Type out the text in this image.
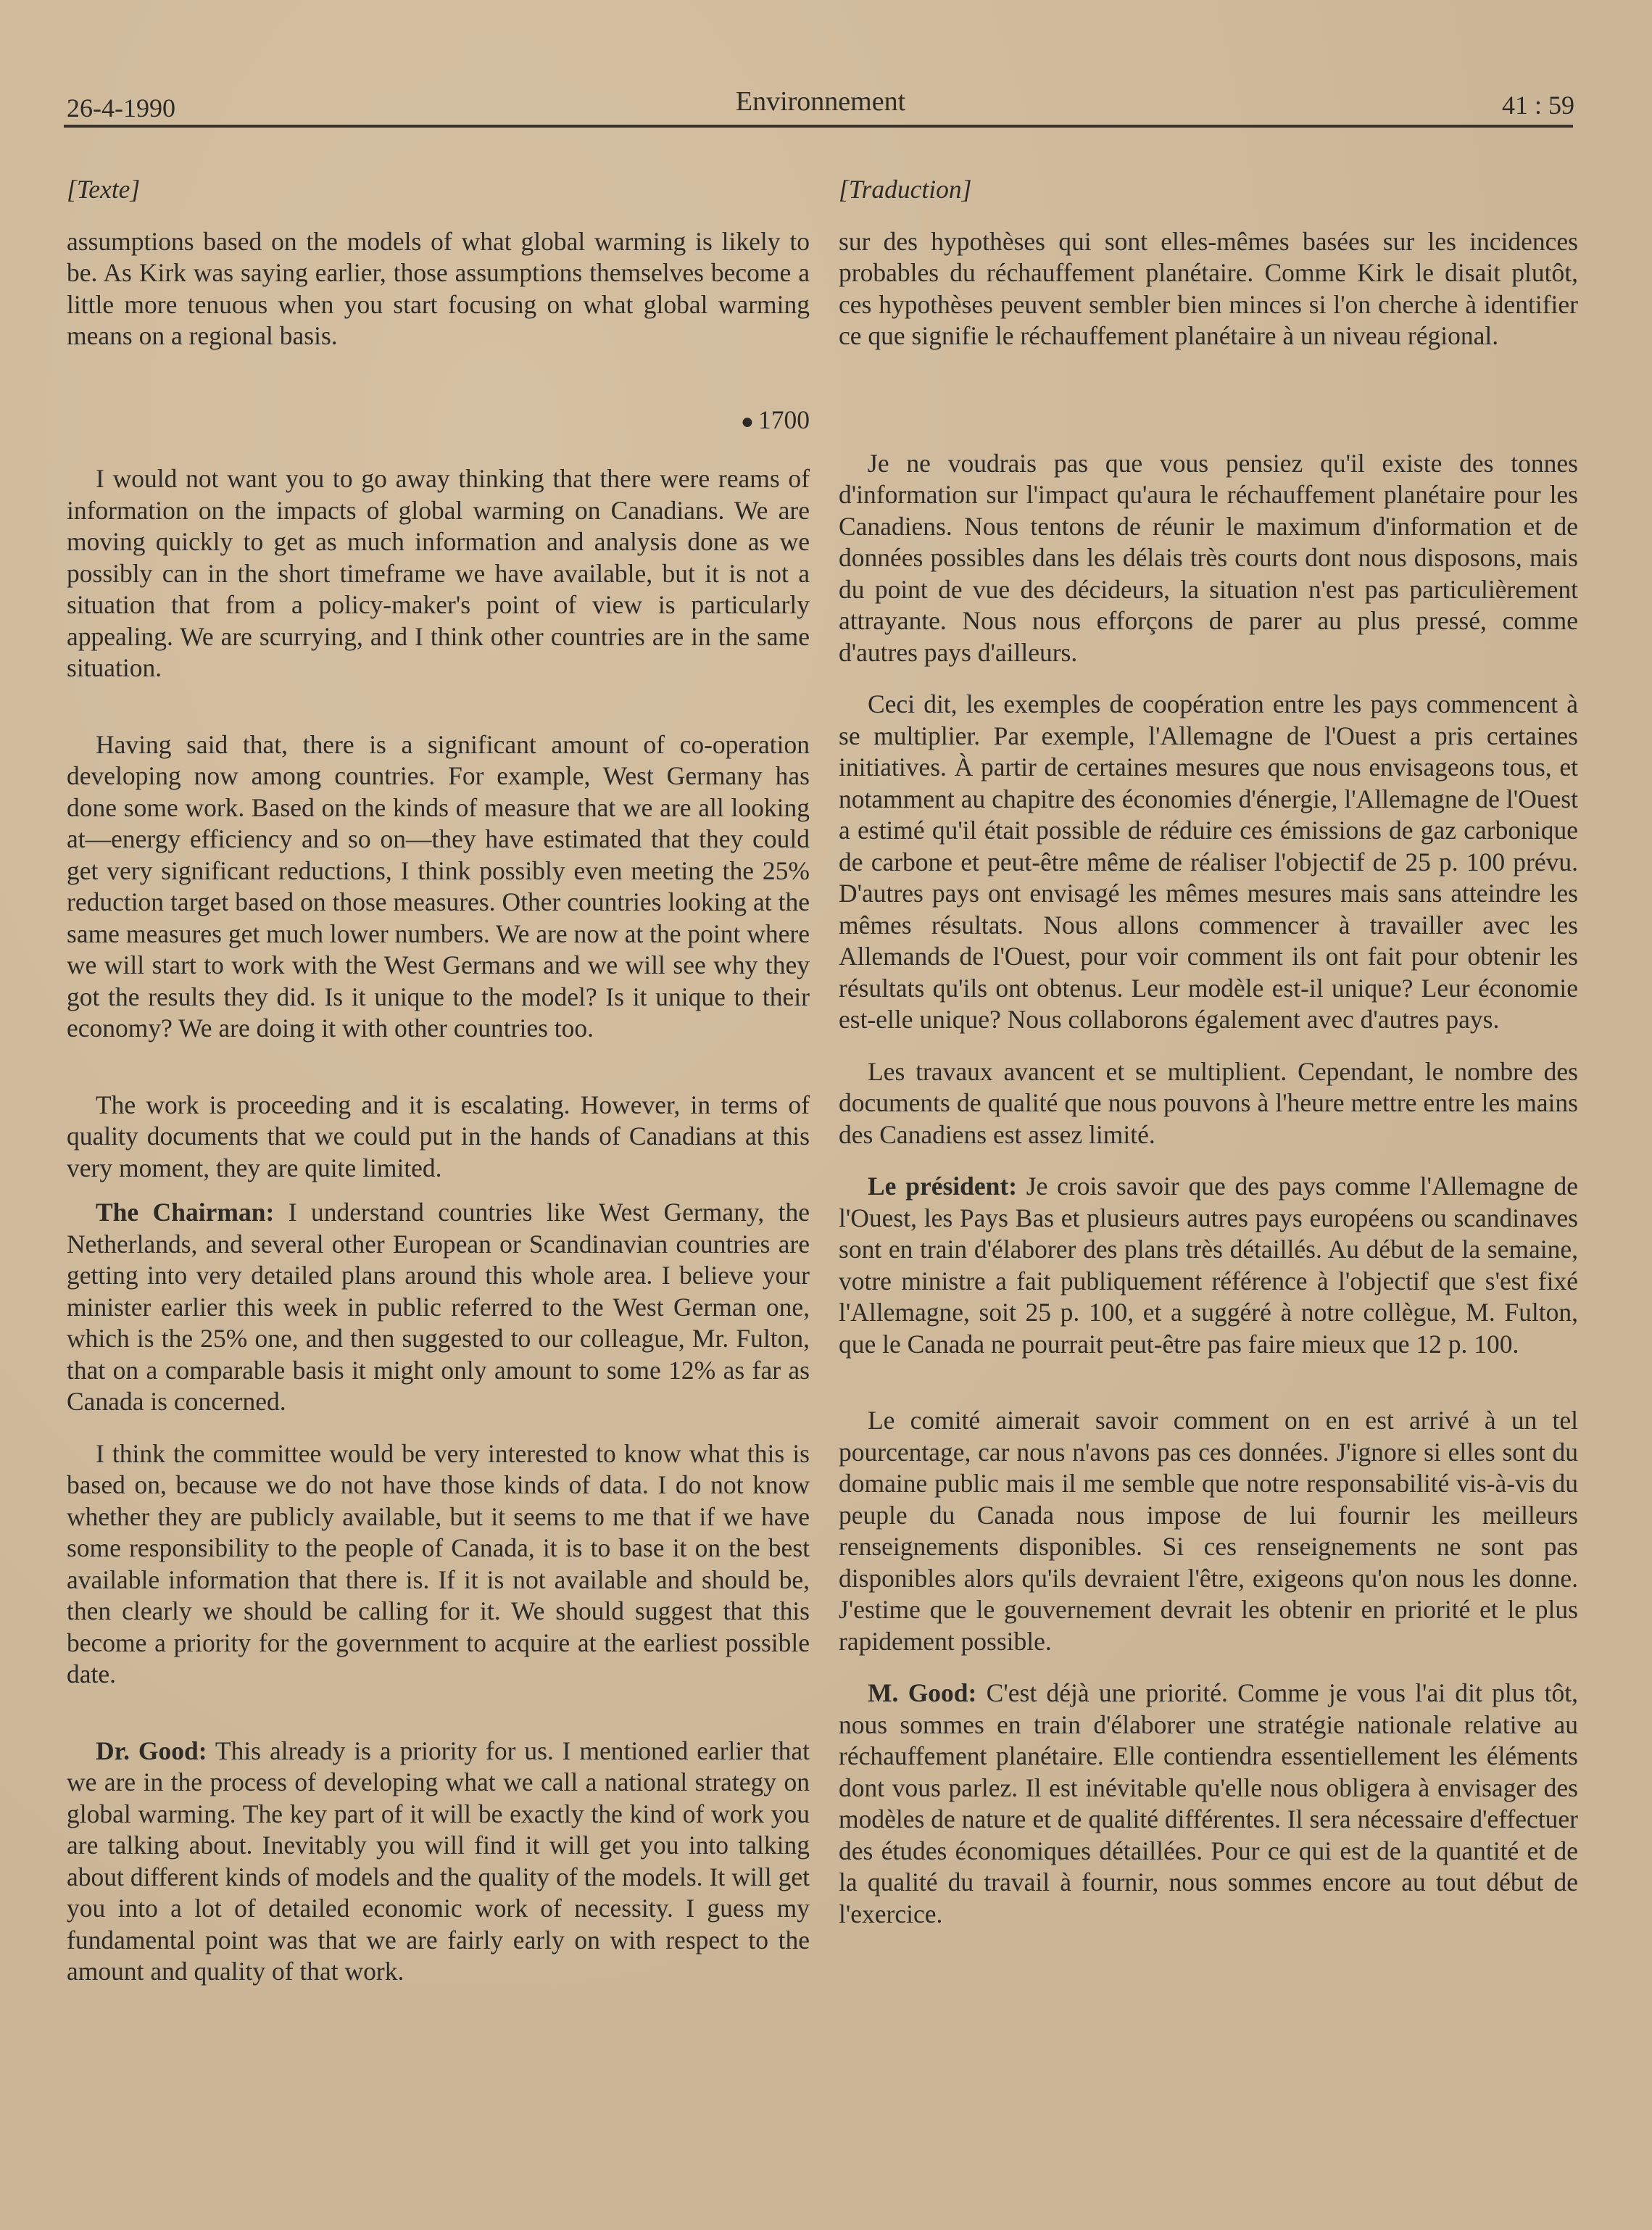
26-4-1990	Environnement	41 : 59
[Texte]

assumptions based on the models of what global warming is likely to be. As Kirk was saying earlier, those assumptions themselves become a little more tenuous when you start focusing on what global warming means on a regional basis.

● 1700

I would not want you to go away thinking that there were reams of information on the impacts of global warming on Canadians. We are moving quickly to get as much information and analysis done as we possibly can in the short timeframe we have available, but it is not a situation that from a policy-maker's point of view is particularly appealing. We are scurrying, and I think other countries are in the same situation.

Having said that, there is a significant amount of co-operation developing now among countries. For example, West Germany has done some work. Based on the kinds of measure that we are all looking at—energy efficiency and so on—they have estimated that they could get very significant reductions, I think possibly even meeting the 25% reduction target based on those measures. Other countries looking at the same measures get much lower numbers. We are now at the point where we will start to work with the West Germans and we will see why they got the results they did. Is it unique to the model? Is it unique to their economy? We are doing it with other countries too.

The work is proceeding and it is escalating. However, in terms of quality documents that we could put in the hands of Canadians at this very moment, they are quite limited.

The Chairman: I understand countries like West Germany, the Netherlands, and several other European or Scandinavian countries are getting into very detailed plans around this whole area. I believe your minister earlier this week in public referred to the West German one, which is the 25% one, and then suggested to our colleague, Mr. Fulton, that on a comparable basis it might only amount to some 12% as far as Canada is concerned.

I think the committee would be very interested to know what this is based on, because we do not have those kinds of data. I do not know whether they are publicly available, but it seems to me that if we have some responsibility to the people of Canada, it is to base it on the best available information that there is. If it is not available and should be, then clearly we should be calling for it. We should suggest that this become a priority for the government to acquire at the earliest possible date.

Dr. Good: This already is a priority for us. I mentioned earlier that we are in the process of developing what we call a national strategy on global warming. The key part of it will be exactly the kind of work you are talking about. Inevitably you will find it will get you into talking about different kinds of models and the quality of the models. It will get you into a lot of detailed economic work of necessity. I guess my fundamental point was that we are fairly early on with respect to the amount and quality of that work.

[Traduction]

sur des hypothèses qui sont elles-mêmes basées sur les incidences probables du réchauffement planétaire. Comme Kirk le disait plutôt, ces hypothèses peuvent sembler bien minces si l'on cherche à identifier ce que signifie le réchauffement planétaire à un niveau régional.

Je ne voudrais pas que vous pensiez qu'il existe des tonnes d'information sur l'impact qu'aura le réchauffement planétaire pour les Canadiens. Nous tentons de réunir le maximum d'information et de données possibles dans les délais très courts dont nous disposons, mais du point de vue des décideurs, la situation n'est pas particulièrement attrayante. Nous nous efforçons de parer au plus pressé, comme d'autres pays d'ailleurs.

Ceci dit, les exemples de coopération entre les pays commencent à se multiplier. Par exemple, l'Allemagne de l'Ouest a pris certaines initiatives. À partir de certaines mesures que nous envisageons tous, et notamment au chapitre des économies d'énergie, l'Allemagne de l'Ouest a estimé qu'il était possible de réduire ces émissions de gaz carbonique de carbone et peut-être même de réaliser l'objectif de 25 p. 100 prévu. D'autres pays ont envisagé les mêmes mesures mais sans atteindre les mêmes résultats. Nous allons commencer à travailler avec les Allemands de l'Ouest, pour voir comment ils ont fait pour obtenir les résultats qu'ils ont obtenus. Leur modèle est-il unique? Leur économie est-elle unique? Nous collaborons également avec d'autres pays.

Les travaux avancent et se multiplient. Cependant, le nombre des documents de qualité que nous pouvons à l'heure mettre entre les mains des Canadiens est assez limité.

Le président: Je crois savoir que des pays comme l'Allemagne de l'Ouest, les Pays Bas et plusieurs autres pays européens ou scandinaves sont en train d'élaborer des plans très détaillés. Au début de la semaine, votre ministre a fait publiquement référence à l'objectif que s'est fixé l'Allemagne, soit 25 p. 100, et a suggéré à notre collègue, M. Fulton, que le Canada ne pourrait peut-être pas faire mieux que 12 p. 100.

Le comité aimerait savoir comment on en est arrivé à un tel pourcentage, car nous n'avons pas ces données. J'ignore si elles sont du domaine public mais il me semble que notre responsabilité vis-à-vis du peuple du Canada nous impose de lui fournir les meilleurs renseignements disponibles. Si ces renseignements ne sont pas disponibles alors qu'ils devraient l'être, exigeons qu'on nous les donne. J'estime que le gouvernement devrait les obtenir en priorité et le plus rapidement possible.

M. Good: C'est déjà une priorité. Comme je vous l'ai dit plus tôt, nous sommes en train d'élaborer une stratégie nationale relative au réchauffement planétaire. Elle contiendra essentiellement les éléments dont vous parlez. Il est inévitable qu'elle nous obligera à envisager des modèles de nature et de qualité différentes. Il sera nécessaire d'effectuer des études économiques détaillées. Pour ce qui est de la quantité et de la qualité du travail à fournir, nous sommes encore au tout début de l'exercice.
